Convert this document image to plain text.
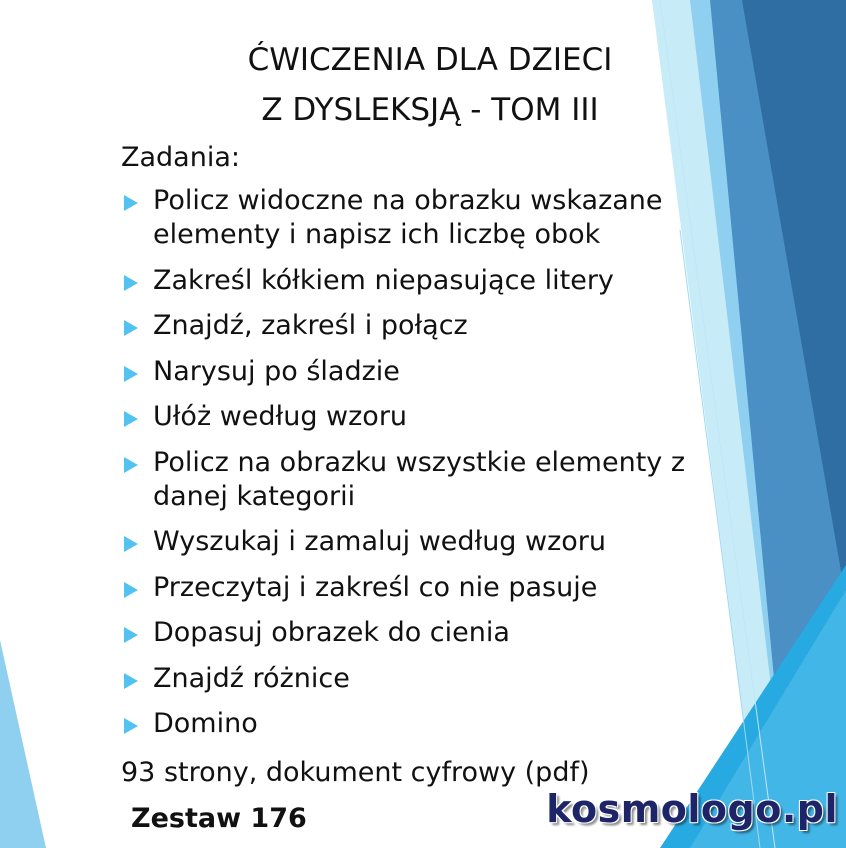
ĆWICZENIA DLA DZIECI
Z DYSLEKSJĄ - TOM III
Zadania:
Policz widoczne na obrazku wskazane
elementy i napisz ich liczbę obok
Zakreśl kółkiem niepasujące litery
Znajdź, zakreśl i połącz
Narysuj po śladzie
Ułóż według wzoru
Policz na obrazku wszystkie elementy z
danej kategorii
Wyszukaj i zamaluj według wzoru
Przeczytaj i zakreśl co nie pasuje
Dopasuj obrazek do cienia
Znajdź różnice
Domino
93 strony, dokument cyfrowy (pdf)
Zestaw 176	kosmologo.pl
